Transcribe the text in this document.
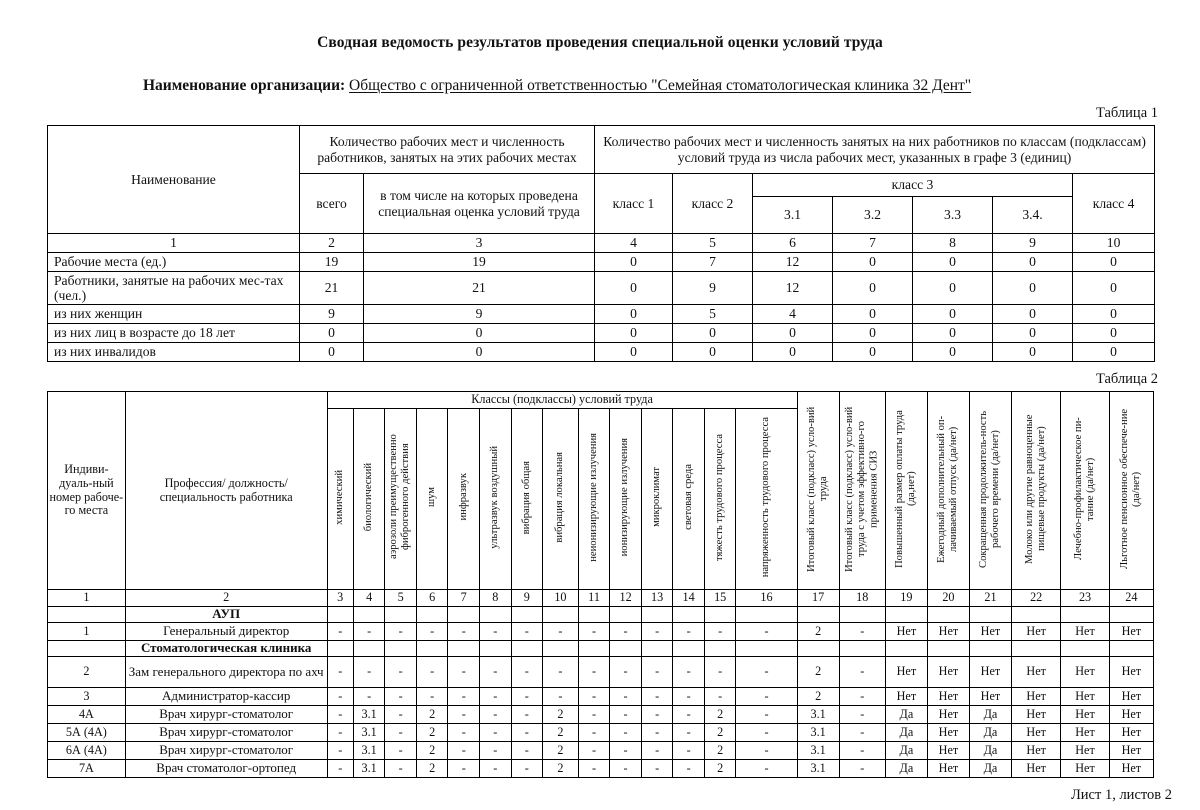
Сводная ведомость результатов проведения специальной оценки условий труда

Наименование организации: Общество с ограниченной ответственностью "Семейная стоматологическая клиника 32 Дент"

Таблица 1

Наименование	Количество рабочих мест и численность работников, занятых на этих рабочих местах		Количество рабочих мест и численность занятых на них работников по классам (подклассам) условий труда из числа рабочих мест, указанных в графе 3 (единиц)						
	всего	в том числе на которых проведена специальная оценка условий труда	класс 1	класс 2	класс 3				класс 4
					3.1	3.2	3.3	3.4.	
1	2	3	4	5	6	7	8	9	10
Рабочие места (ед.)	19	19	0	7	12	0	0	0	0
Работники, занятые на рабочих мес-тах (чел.)	21	21	0	9	12	0	0	0	0
из них женщин	9	9	0	5	4	0	0	0	0
из них лиц в возрасте до 18 лет	0	0	0	0	0	0	0	0	0
из них инвалидов	0	0	0	0	0	0	0	0	0

Таблица 2

Индиви-дуаль-ный номер рабоче-го места	Профессия/ должность/ специальность работника	Классы (подклассы) условий труда														Итоговый класс (подкласс) усло-вий труда	Итоговый класс (подкласс) усло-вий труда с учетом эффективно-го применения СИЗ	Повышенный размер оплаты труда (да,нет)	Ежегодный дополнительный оп-лачиваемый отпуск (да/нет)	Сокращенная продолжитель-ность рабочего времени (да/нет)	Молоко или другие равноценные пищевые продукты (да/нет)	Лечебно-профилактическое пи-тание (да/нет)	Льготное пенсионное обеспече-ние (да/нет)
		химический	биологический	аэрозоли преимущественно фиброгенного действия	шум	инфразвук	ультразвук воздушный	вибрация общая	вибрация локальная	неионизирующие излучения	ионизирующие излучения	микроклимат	световая среда	тяжесть трудового процесса	напряженность трудового процесса								
1	2	3	4	5	6	7	8	9	10	11	12	13	14	15	16	17	18	19	20	21	22	23	24
	АУП																						
1	Генеральный директор	-	-	-	-	-	-	-	-	-	-	-	-	-	-	2	-	Нет	Нет	Нет	Нет	Нет	Нет
	Стоматологическая клиника																						
2	Зам генерального директора по ахч	-	-	-	-	-	-	-	-	-	-	-	-	-	-	2	-	Нет	Нет	Нет	Нет	Нет	Нет
3	Администратор-кассир	-	-	-	-	-	-	-	-	-	-	-	-	-	-	2	-	Нет	Нет	Нет	Нет	Нет	Нет
4А	Врач хирург-стоматолог	-	3.1	-	2	-	-	-	2	-	-	-	-	2	-	3.1	-	Да	Нет	Да	Нет	Нет	Нет
5А (4А)	Врач хирург-стоматолог	-	3.1	-	2	-	-	-	2	-	-	-	-	2	-	3.1	-	Да	Нет	Да	Нет	Нет	Нет
6А (4А)	Врач хирург-стоматолог	-	3.1	-	2	-	-	-	2	-	-	-	-	2	-	3.1	-	Да	Нет	Да	Нет	Нет	Нет
7А	Врач стоматолог-ортопед	-	3.1	-	2	-	-	-	2	-	-	-	-	2	-	3.1	-	Да	Нет	Да	Нет	Нет	Нет
Лист 1, листов 2
